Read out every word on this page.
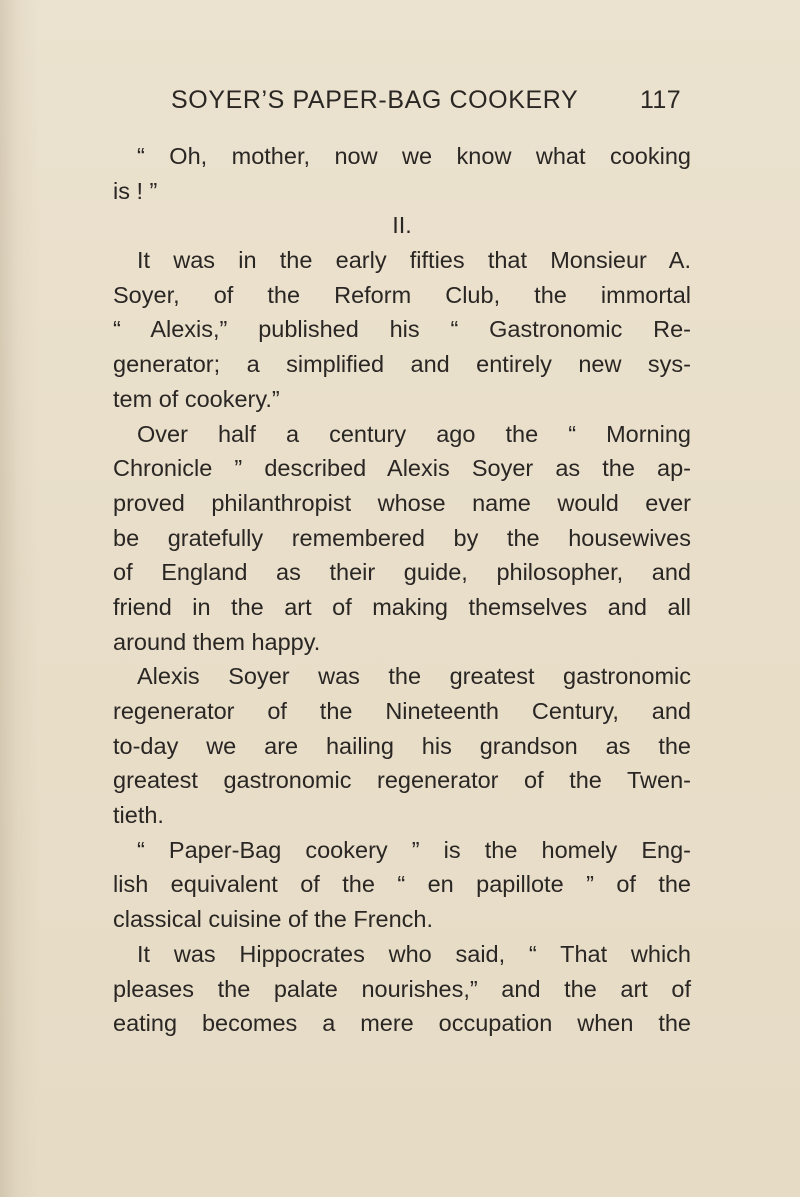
SOYER’S PAPER-BAG COOKERY 117
“ Oh, mother, now we know what cooking
is ! ”
II.
It was in the early fifties that Monsieur A.
Soyer, of the Reform Club, the immortal
“ Alexis,” published his “ Gastronomic Re-
generator; a simplified and entirely new sys-
tem of cookery.”
Over half a century ago the “ Morning
Chronicle ” described Alexis Soyer as the ap-
proved philanthropist whose name would ever
be gratefully remembered by the housewives
of England as their guide, philosopher, and
friend in the art of making themselves and all
around them happy.
Alexis Soyer was the greatest gastronomic
regenerator of the Nineteenth Century, and
to-day we are hailing his grandson as the
greatest gastronomic regenerator of the Twen-
tieth.
“ Paper-Bag cookery ” is the homely Eng-
lish equivalent of the “ en papillote ” of the
classical cuisine of the French.
It was Hippocrates who said, “ That which
pleases the palate nourishes,” and the art of
eating becomes a mere occupation when the
